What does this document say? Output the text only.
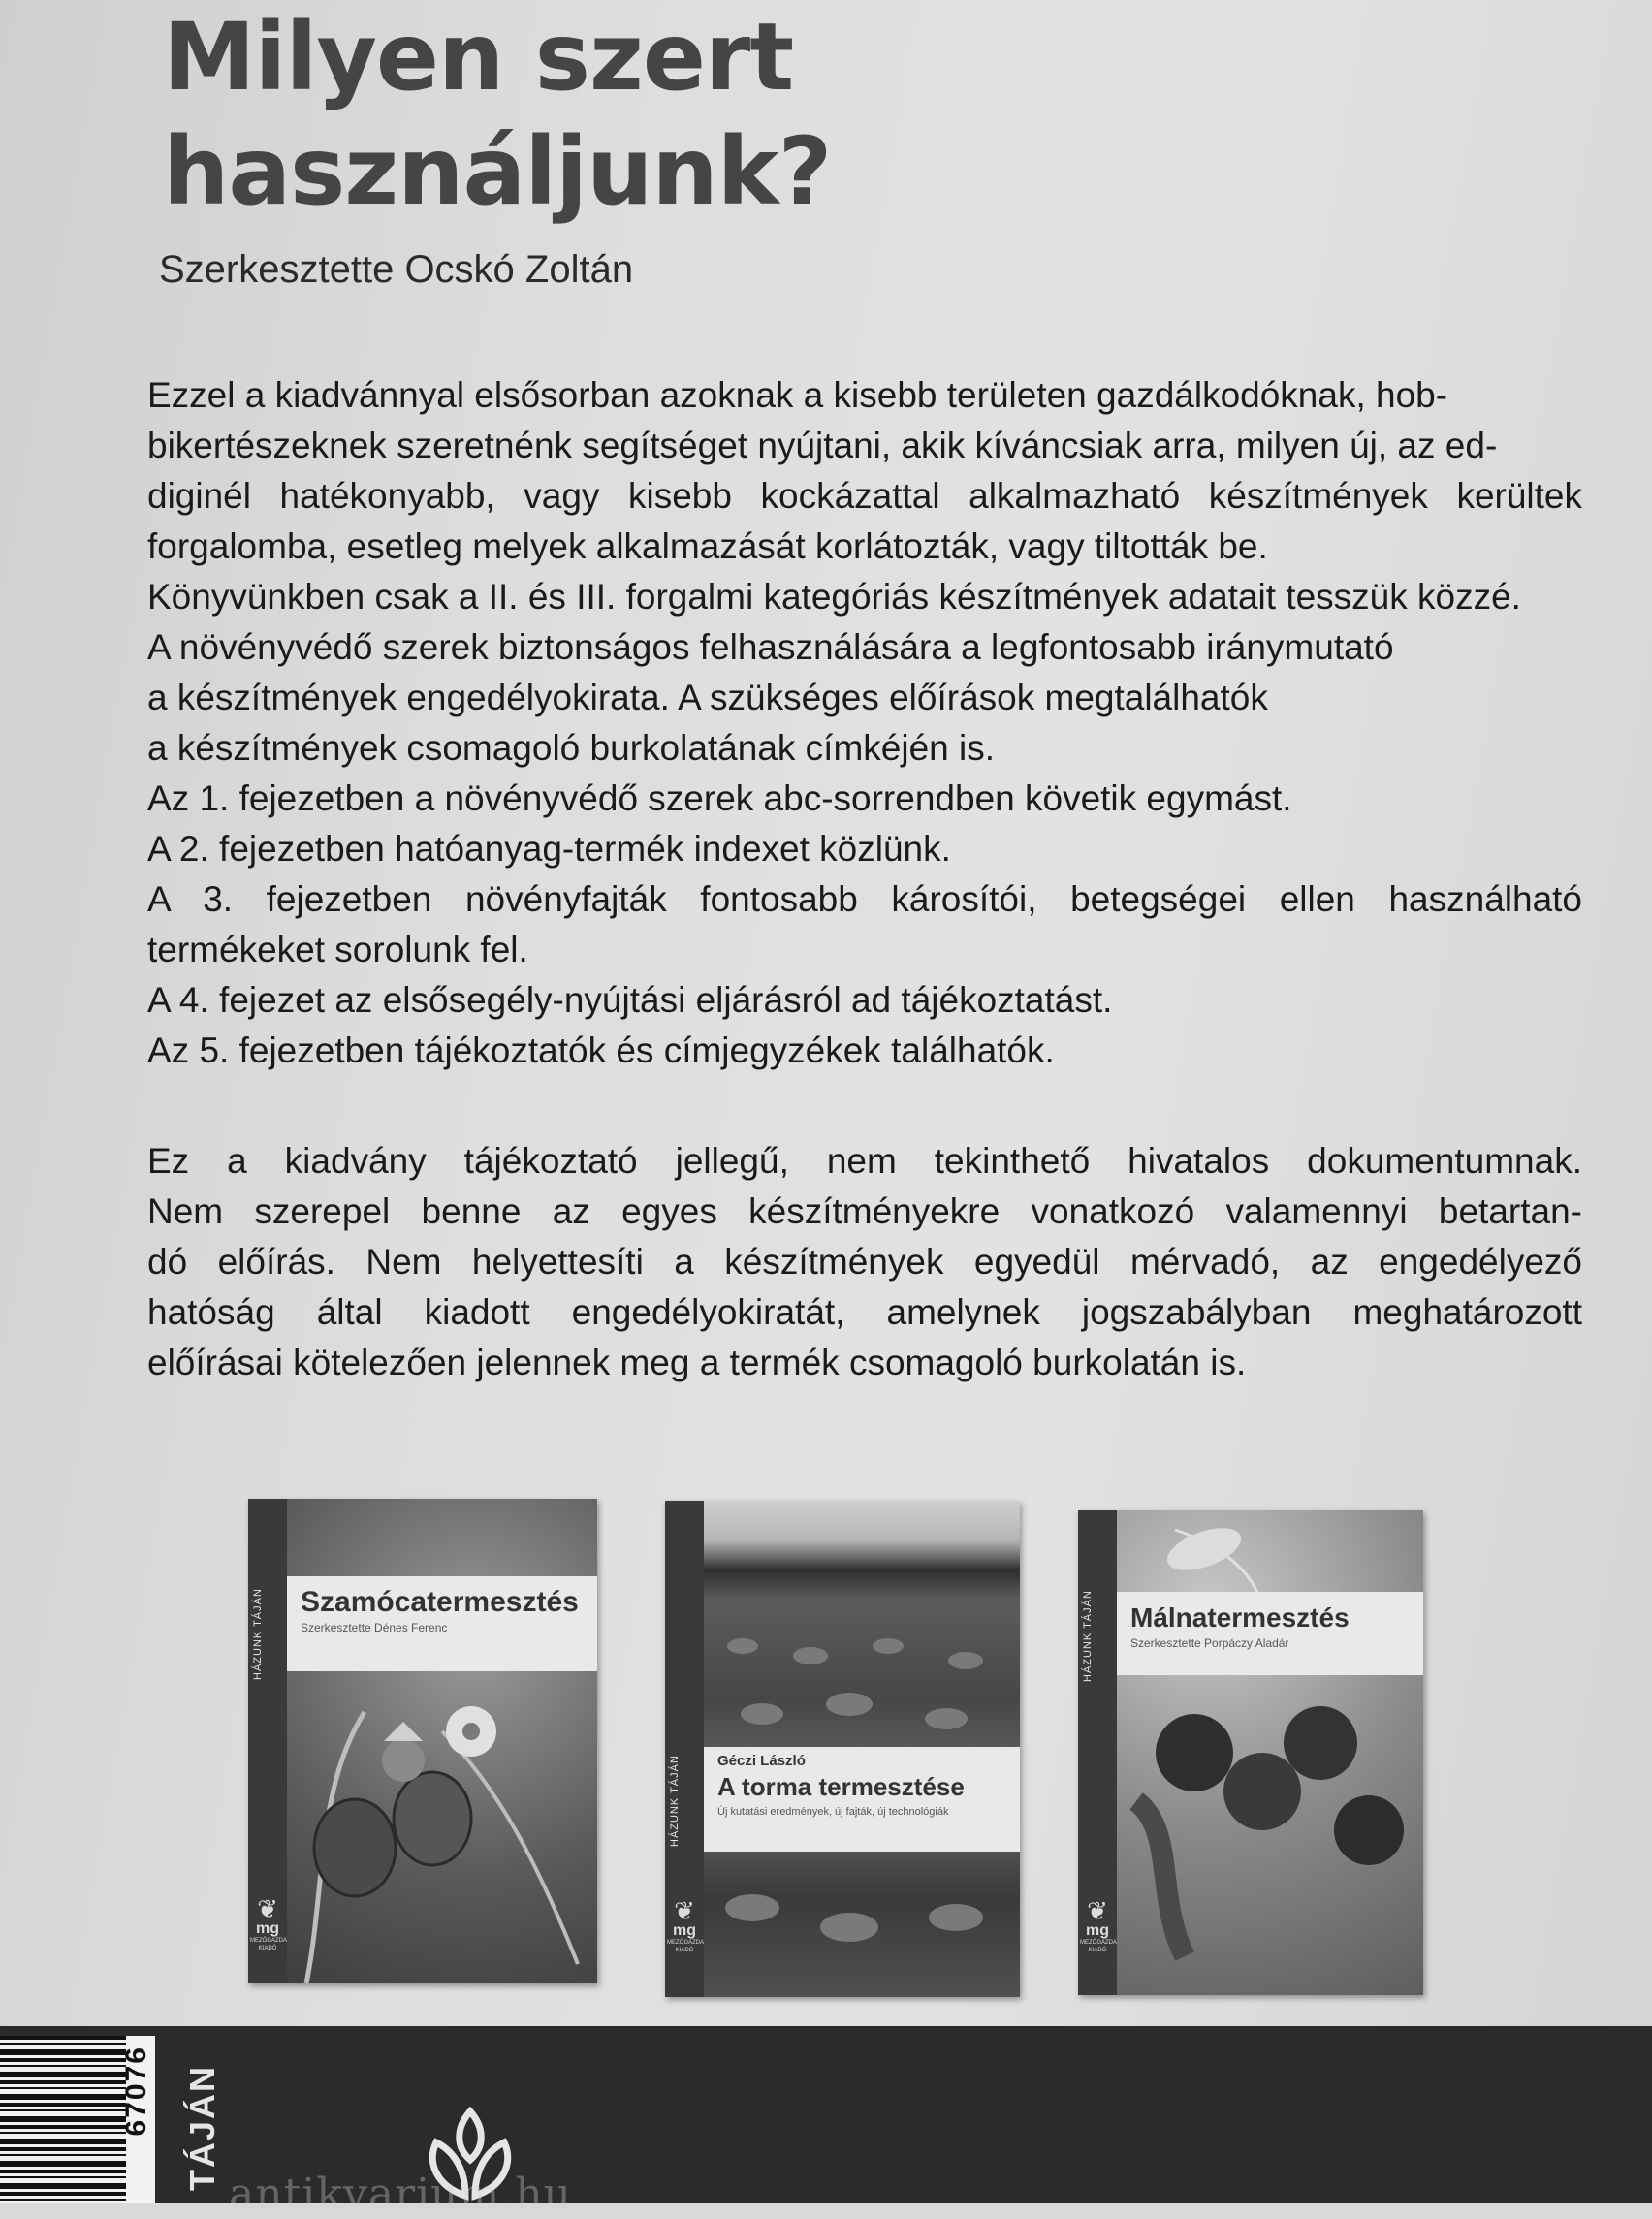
Milyen szert
használjunk?
Szerkesztette Ocskó Zoltán

Ezzel a kiadvánnyal elsősorban azoknak a kisebb területen gazdálkodóknak, hob-

bikertészeknek szeretnénk segítséget nyújtani, akik kíváncsiak arra, milyen új, az ed-

diginél hatékonyabb, vagy kisebb kockázattal alkalmazható készítmények kerültek

forgalomba, esetleg melyek alkalmazását korlátozták, vagy tiltották be.

Könyvünkben csak a II. és III. forgalmi kategóriás készítmények adatait tesszük közzé.

A növényvédő szerek biztonságos felhasználására a legfontosabb iránymutató

a készítmények engedélyokirata. A szükséges előírások megtalálhatók

a készítmények csomagoló burkolatának címkéjén is.

Az 1. fejezetben a növényvédő szerek abc-sorrendben követik egymást.

A 2. fejezetben hatóanyag-termék indexet közlünk.

A 3. fejezetben növényfajták fontosabb károsítói, betegségei ellen használható

termékeket sorolunk fel.

A 4. fejezet az elsősegély-nyújtási eljárásról ad tájékoztatást.

Az 5. fejezetben tájékoztatók és címjegyzékek találhatók.

Ez a kiadvány tájékoztató jellegű, nem tekinthető hivatalos dokumentumnak.

Nem szerepel benne az egyes készítményekre vonatkozó valamennyi betartan-

dó előírás. Nem helyettesíti a készítmények egyedül mérvadó, az engedélyező

hatóság által kiadott engedélyokiratát, amelynek jogszabályban meghatározott

előírásai kötelezően jelennek meg a termék csomagoló burkolatán is.

Szamócatermesztés
Szerkesztette Dénes Ferenc
HÁZUNK TÁJÁN
❦
mg
MEZŐGAZDA KIADÓ
Géczi László
A torma termesztése
Új kutatási eredmények, új fajták, új technológiák
HÁZUNK TÁJÁN
❦
mg
MEZŐGAZDA KIADÓ
Málnatermesztés
Szerkesztette Porpáczy Aladár
HÁZUNK TÁJÁN
❦
mg
MEZŐGAZDA KIADÓ
67076 TÁJÁN
antikvarium.hu
